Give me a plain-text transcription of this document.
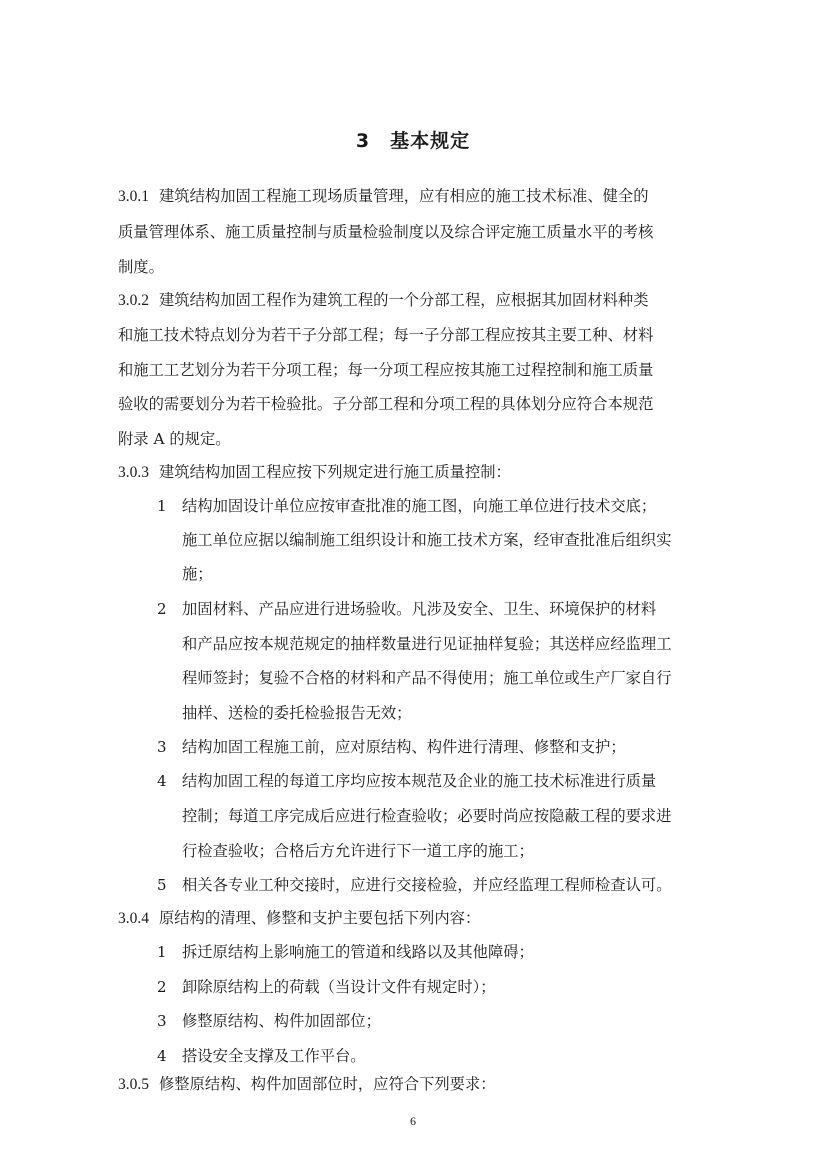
3 基本规定
3.0.1 建筑结构加固工程施工现场质量管理，应有相应的施工技术标准、健全的
质量管理体系、施工质量控制与质量检验制度以及综合评定施工质量水平的考核
制度。
3.0.2 建筑结构加固工程作为建筑工程的一个分部工程，应根据其加固材料种类
和施工技术特点划分为若干子分部工程；每一子分部工程应按其主要工种、材料
和施工工艺划分为若干分项工程；每一分项工程应按其施工过程控制和施工质量
验收的需要划分为若干检验批。子分部工程和分项工程的具体划分应符合本规范
附录 A 的规定。
3.0.3 建筑结构加固工程应按下列规定进行施工质量控制：
1 结构加固设计单位应按审查批准的施工图，向施工单位进行技术交底；
施工单位应据以编制施工组织设计和施工技术方案，经审查批准后组织实
施；
2 加固材料、产品应进行进场验收。凡涉及安全、卫生、环境保护的材料
和产品应按本规范规定的抽样数量进行见证抽样复验；其送样应经监理工
程师签封；复验不合格的材料和产品不得使用；施工单位或生产厂家自行
抽样、送检的委托检验报告无效；
3 结构加固工程施工前，应对原结构、构件进行清理、修整和支护；
4 结构加固工程的每道工序均应按本规范及企业的施工技术标准进行质量
控制；每道工序完成后应进行检查验收；必要时尚应按隐蔽工程的要求进
行检查验收；合格后方允许进行下一道工序的施工；
5 相关各专业工种交接时，应进行交接检验，并应经监理工程师检查认可。
3.0.4 原结构的清理、修整和支护主要包括下列内容：
1 拆迁原结构上影响施工的管道和线路以及其他障碍；
2 卸除原结构上的荷载（当设计文件有规定时）；
3 修整原结构、构件加固部位；
4 搭设安全支撑及工作平台。
3.0.5 修整原结构、构件加固部位时，应符合下列要求：
6
